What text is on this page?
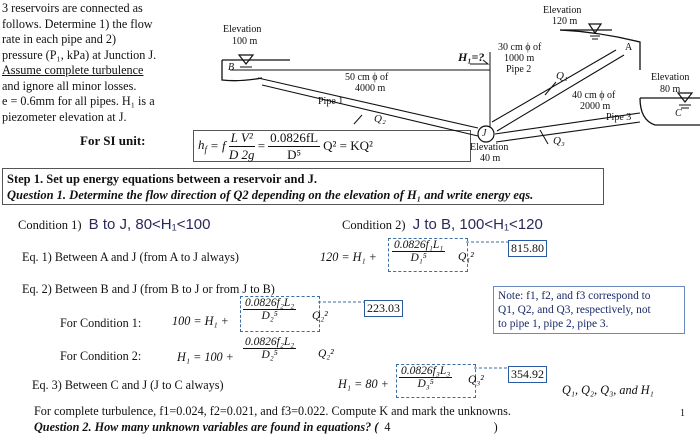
3 reservoirs are connected as
follows. Determine 1) the flow
rate in each pipe and 2)
pressure (P₁, kPa) at Junction J.
Assume complete turbulence
and ignore all minor losses.
e = 0.6mm for all pipes. H₁ is a
piezometer elevation at J.
For SI unit:	$h_f = f \frac{\text{L V²}}{D 2g} = \frac{0.0826fL}{\text{D⁵}} Q^2 = KQ^2$
Elevation
120 m
A
Elevation
100 m
B
Elevation
80 m
C
Elevation
40 m
J
H₁=?
50 cm ϕ of
4000 m
Pipe 1
30 cm ϕ of
1000 m
Pipe 2
40 cm ϕ of
2000 m
Pipe 3
Q₁
Q₂
Q₃
Step 1. Set up energy equations between a reservoir and J.
Question 1. Determine the flow direction of Q2 depending on the elevation of H₁ and write energy eqs.
Condition 1) B to J, 80<H₁<100	Condition 2) J to B, 100<H₁<120
Eq. 1) Between A and J (from A to J always)	$120 = H_1 + \frac{\text{0.0826f₁L₁}}{\text{D₁⁵}} Q_1^2$
815.80
Eq. 2) Between B and J (from B to J or from J to B)
For Condition 1:	$100 = H_1 + \frac{\text{0.0826f₂L₂}}{\text{D₂⁵}} Q_2^2$
223.03
For Condition 2:	$H_1 = 100 + \frac{\text{0.0826f₂L₂}}{\text{D₂⁵}} Q_2^2$
Note: f1, f2, and f3 correspond to
Q1, Q2, and Q3, respectively, not
to pipe 1, pipe 2, pipe 3.
Eq. 3) Between C and J (J to C always)	$H_1 = 80 + \frac{\text{0.0826f₃L₃}}{\text{D₃⁵}} Q_3^2$ 354.92
Q₁, Q₂, Q₃, and H₁
For complete turbulence, f1=0.024, f2=0.021, and f3=0.022. Compute K and mark the unknowns.
Question 2. How many unknown variables are found in equations? ( 4	)
1
